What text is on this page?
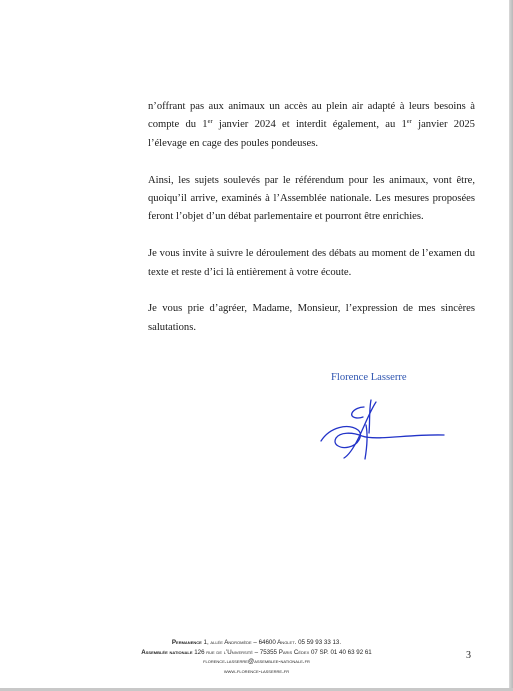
n’offrant pas aux animaux un accès au plein air adapté à leurs besoins à compte du 1er janvier 2024 et interdit également, au 1er janvier 2025 l’élevage en cage des poules pondeuses.

Ainsi, les sujets soulevés par le référendum pour les animaux, vont être, quoiqu’il arrive, examinés à l’Assemblée nationale. Les mesures proposées feront l’objet d’un débat parlementaire et pourront être enrichies.

Je vous invite à suivre le déroulement des débats au moment de l’examen du texte et reste d’ici là entièrement à votre écoute.

Je vous prie d’agréer, Madame, Monsieur, l’expression de mes sincères salutations.

Florence Lasserre
Permanence 1, allée Andromède – 64600 Anglet. 05 59 93 33 13.
Assemblée nationale 126 rue de l’Université – 75355 Paris Cédex 07 SP. 01 40 63 92 61
florence.lasserre@assemblee-nationale.fr
www.florence-lasserre.fr
3
